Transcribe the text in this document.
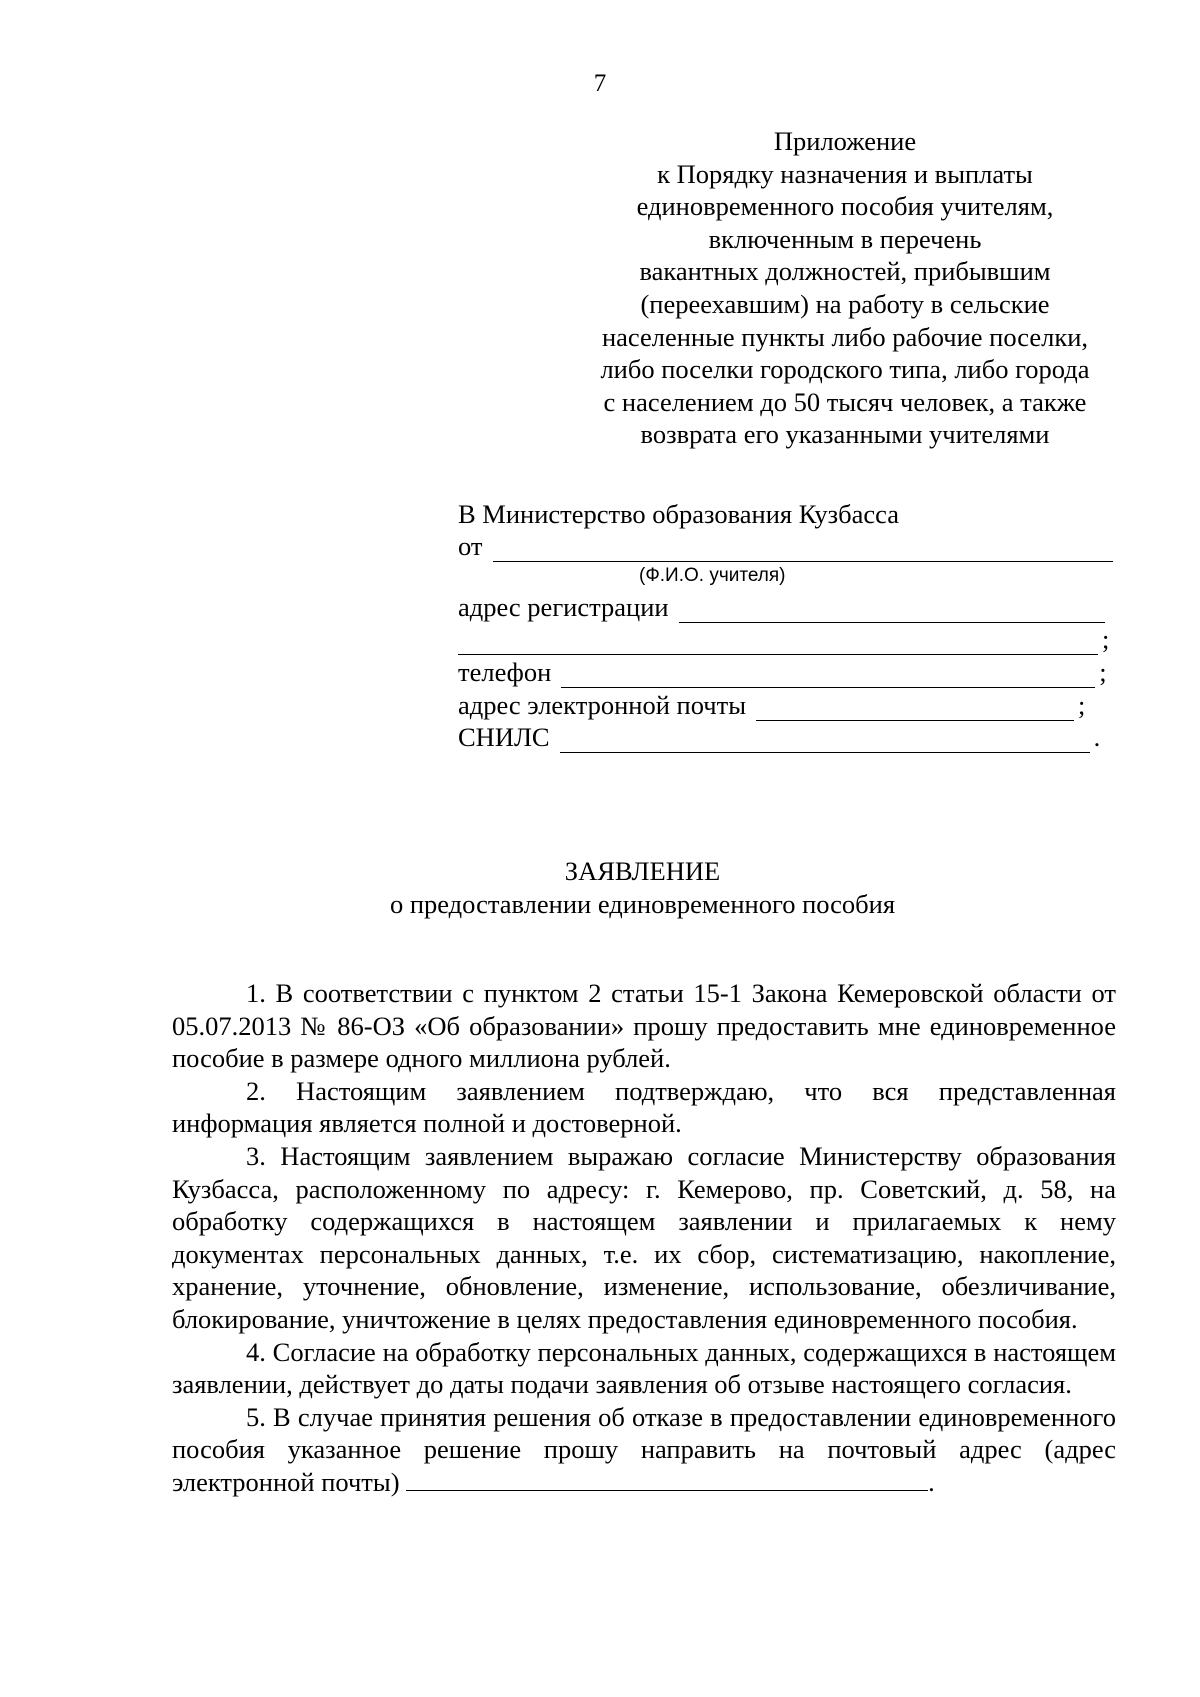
7
Приложение
к Порядку назначения и выплаты
единовременного пособия учителям,
включенным в перечень
вакантных должностей, прибывшим
(переехавшим) на работу в сельские
населенные пункты либо рабочие поселки,
либо поселки городского типа, либо города
с населением до 50 тысяч человек, а также
возврата его указанными учителями
В Министерство образования Кузбасса
от
(Ф.И.О. учителя)
адрес регистрации
;
телефон	;
адрес электронной почты	;
СНИЛС	.
ЗАЯВЛЕНИЕ
о предоставлении единовременного пособия

1. В соответствии с пунктом 2 статьи 15-1 Закона Кемеровской области от 05.07.2013 № 86-ОЗ «Об образовании» прошу предоставить мне единовременное пособие в размере одного миллиона рублей.

2. Настоящим заявлением подтверждаю, что вся представленная информация является полной и достоверной.

3. Настоящим заявлением выражаю согласие Министерству образования Кузбасса, расположенному по адресу: г. Кемерово, пр. Советский, д. 58, на обработку содержащихся в настоящем заявлении и прилагаемых к нему документах персональных данных, т.е. их сбор, систематизацию, накопление, хранение, уточнение, обновление, изменение, использование, обезличивание, блокирование, уничтожение в целях предоставления единовременного пособия.

4. Согласие на обработку персональных данных, содержащихся в настоящем заявлении, действует до даты подачи заявления об отзыве настоящего согласия.

5. В случае принятия решения об отказе в предоставлении единовременного пособия указанное решение прошу направить на почтовый адрес (адрес электронной почты)	.
